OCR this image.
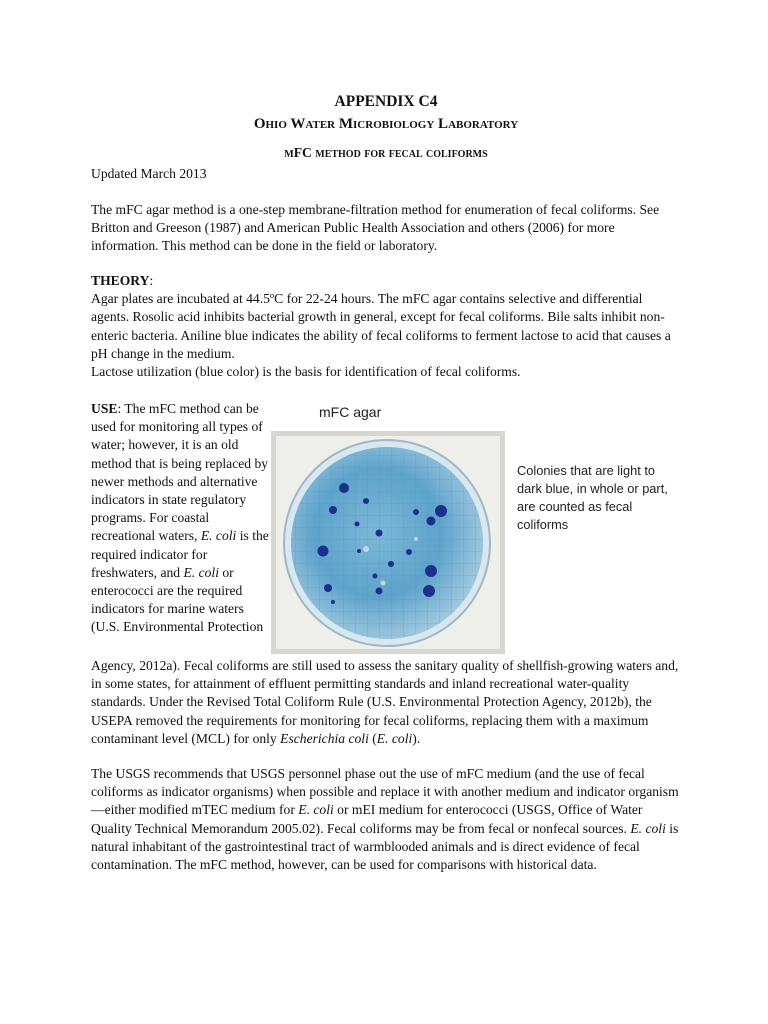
APPENDIX C4
Ohio Water Microbiology Laboratory
mFC method for fecal coliforms

Updated March 2013

The mFC agar method is a one-step membrane-filtration method for enumeration of fecal coliforms. See Britton and Greeson (1987) and American Public Health Association and others (2006) for more information. This method can be done in the field or laboratory.

THEORY:
Agar plates are incubated at 44.5ºC for 22-24 hours. The mFC agar contains selective and differential agents. Rosolic acid inhibits bacterial growth in general, except for fecal coliforms. Bile salts inhibit non-enteric bacteria. Aniline blue indicates the ability of fecal coliforms to ferment lactose to acid that causes a pH change in the medium.
Lactose utilization (blue color) is the basis for identification of fecal coliforms.

USE: The mFC method can be used for monitoring all types of water; however, it is an old method that is being replaced by newer methods and alternative indicators in state regulatory programs. For coastal recreational waters, E. coli is the required indicator for freshwaters, and E. coli or enterococci are the required indicators for marine waters (U.S. Environmental Protection

mFC agar
Colonies that are light to dark blue, in whole or part, are counted as fecal coliforms

Agency, 2012a). Fecal coliforms are still used to assess the sanitary quality of shellfish-growing waters and, in some states, for attainment of effluent permitting standards and inland recreational water-quality standards. Under the Revised Total Coliform Rule (U.S. Environmental Protection Agency, 2012b), the USEPA removed the requirements for monitoring for fecal coliforms, replacing them with a maximum contaminant level (MCL) for only Escherichia coli (E. coli).

The USGS recommends that USGS personnel phase out the use of mFC medium (and the use of fecal coliforms as indicator organisms) when possible and replace it with another medium and indicator organism—either modified mTEC medium for E. coli or mEI medium for enterococci (USGS, Office of Water Quality Technical Memorandum 2005.02). Fecal coliforms may be from fecal or nonfecal sources. E. coli is natural inhabitant of the gastrointestinal tract of warmblooded animals and is direct evidence of fecal contamination. The mFC method, however, can be used for comparisons with historical data.
